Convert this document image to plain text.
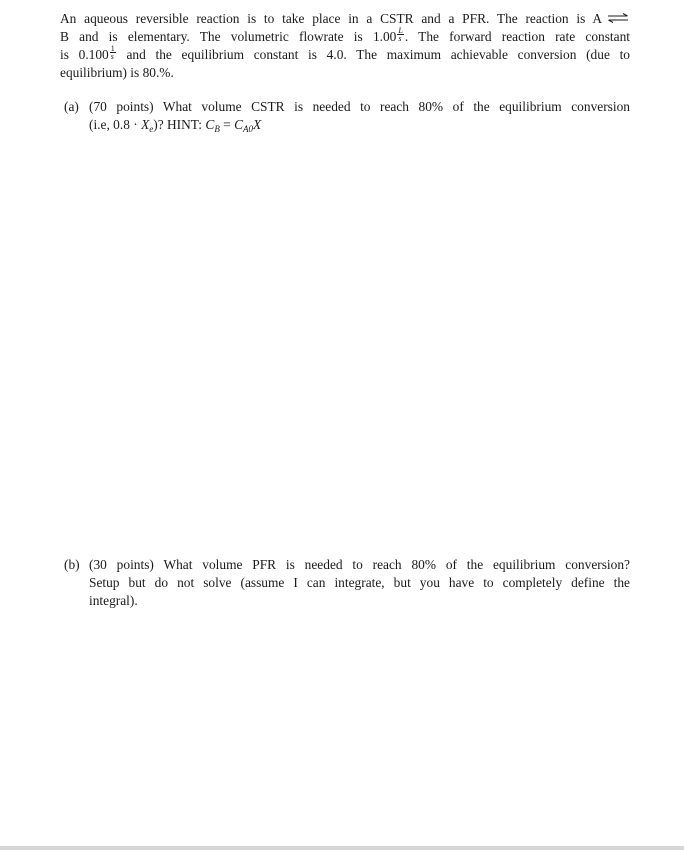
An aqueous reversible reaction is to take place in a CSTR and a PFR. The reaction is A ⇌
B and is elementary. The volumetric flowrate is $1.00 \frac{L}{s}$ . The forward reaction rate constant
is $0.100 \frac{1}{s}$ and the equilibrium constant is 4.0. The maximum achievable conversion (due to
equilibrium) is 80.%.

(a) (70 points) What volume CSTR is needed to reach 80% of the equilibrium conversion
(i.e, $0.8 \cdot X_e$)? HINT: $C_B = C_{A0}X$
(b) (30 points) What volume PFR is needed to reach 80% of the equilibrium conversion?
Setup but do not solve (assume I can integrate, but you have to completely define the
integral).
